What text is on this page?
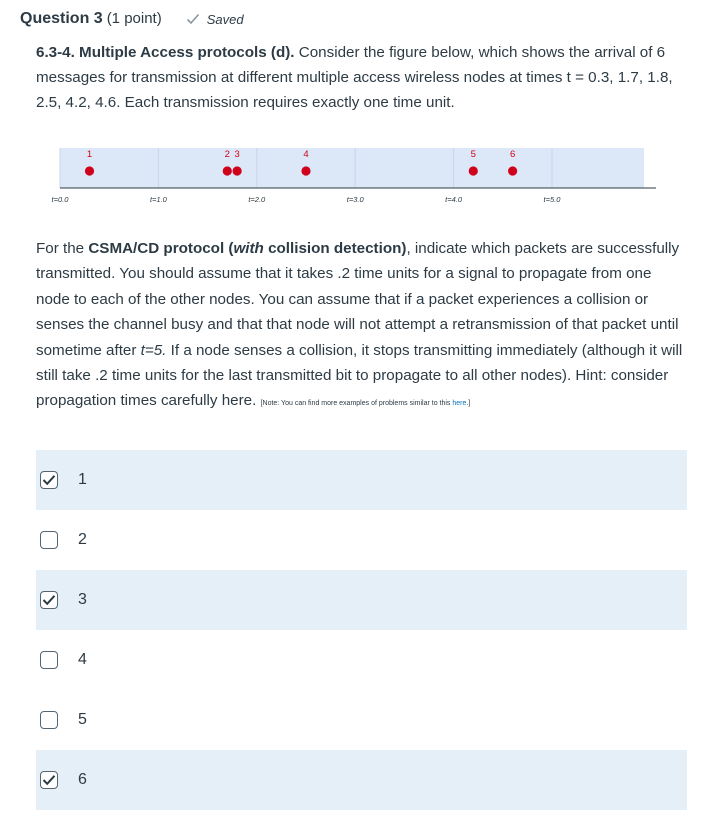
Question 3 (1 point)	Saved
6.3-4. Multiple Access protocols (d). Consider the figure below, which shows the arrival of 6 messages for transmission at different multiple access wireless nodes at times t = 0.3, 1.7, 1.8, 2.5, 4.2, 4.6. Each transmission requires exactly one time unit.
t=0.0	t=1.0	t=2.0	t=3.0	t=4.0	t=5.0
1	2 3	4	5	6
For the CSMA/CD protocol (with collision detection), indicate which packets are successfully transmitted. You should assume that it takes .2 time units for a signal to propagate from one node to each of the other nodes. You can assume that if a packet experiences a collision or senses the channel busy and that that node will not attempt a retransmission of that packet until sometime after t=5. If a node senses a collision, it stops transmitting immediately (although it will still take .2 time units for the last transmitted bit to propagate to all other nodes). Hint: consider propagation times carefully here. [Note: You can find more examples of problems similar to this here.]
1
2
3
4
5
6
